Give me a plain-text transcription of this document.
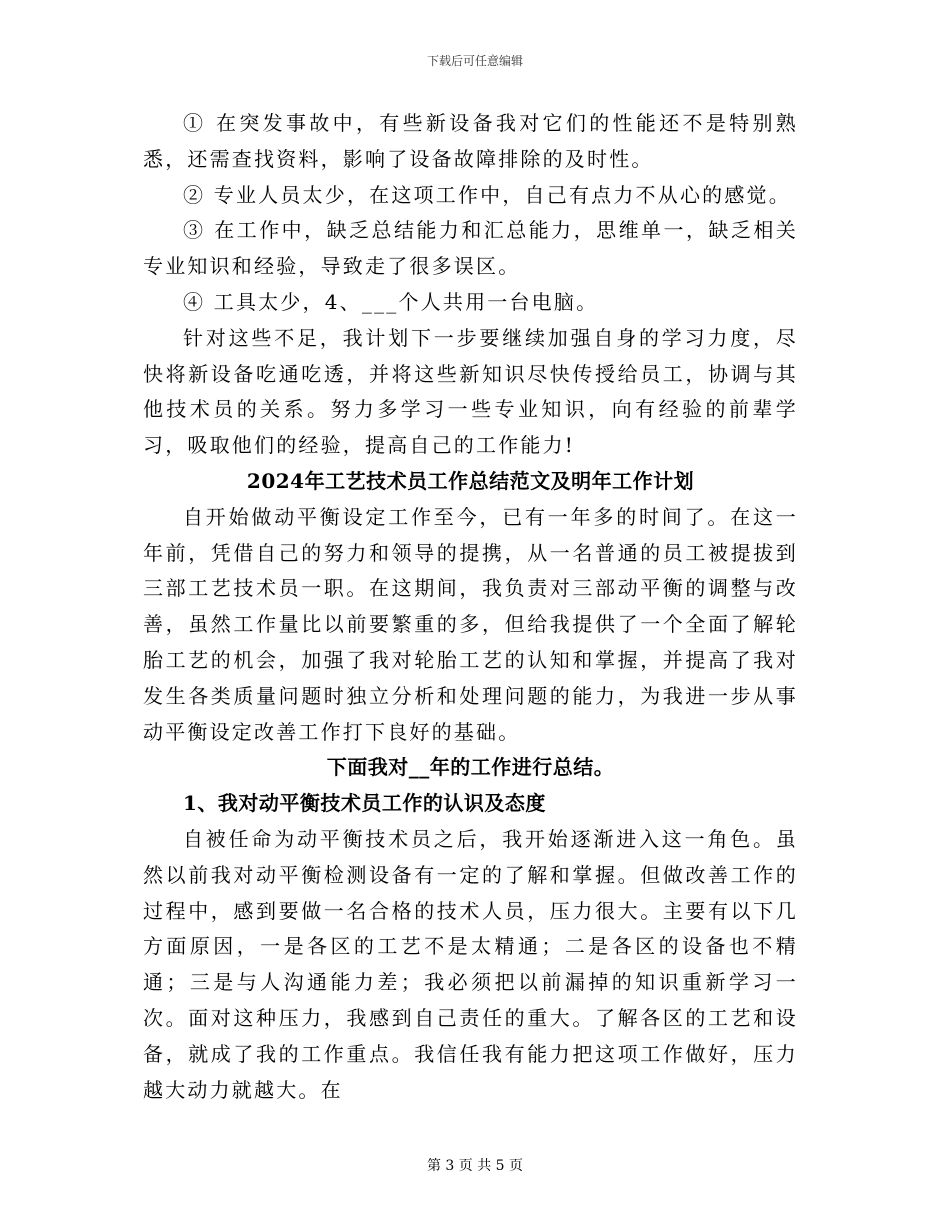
下载后可任意编辑

① 在突发事故中，有些新设备我对它们的性能还不是特别熟悉，还需查找资料，影响了设备故障排除的及时性。

② 专业人员太少，在这项工作中，自己有点力不从心的感觉。

③ 在工作中，缺乏总结能力和汇总能力，思维单一，缺乏相关专业知识和经验，导致走了很多误区。

④ 工具太少，4、___个人共用一台电脑。

针对这些不足，我计划下一步要继续加强自身的学习力度，尽快将新设备吃通吃透，并将这些新知识尽快传授给员工，协调与其他技术员的关系。努力多学习一些专业知识，向有经验的前辈学习，吸取他们的经验，提高自己的工作能力!

2024年工艺技术员工作总结范文及明年工作计划

自开始做动平衡设定工作至今，已有一年多的时间了。在这一年前，凭借自己的努力和领导的提携，从一名普通的员工被提拔到三部工艺技术员一职。在这期间，我负责对三部动平衡的调整与改善，虽然工作量比以前要繁重的多，但给我提供了一个全面了解轮胎工艺的机会，加强了我对轮胎工艺的认知和掌握，并提高了我对发生各类质量问题时独立分析和处理问题的能力，为我进一步从事动平衡设定改善工作打下良好的基础。

下面我对__年的工作进行总结。

1、我对动平衡技术员工作的认识及态度

自被任命为动平衡技术员之后，我开始逐渐进入这一角色。虽然以前我对动平衡检测设备有一定的了解和掌握。但做改善工作的过程中，感到要做一名合格的技术人员，压力很大。主要有以下几方面原因，一是各区的工艺不是太精通；二是各区的设备也不精通；三是与人沟通能力差；我必须把以前漏掉的知识重新学习一次。面对这种压力，我感到自己责任的重大。了解各区的工艺和设备，就成了我的工作重点。我信任我有能力把这项工作做好，压力越大动力就越大。在

第 3 页 共 5 页
